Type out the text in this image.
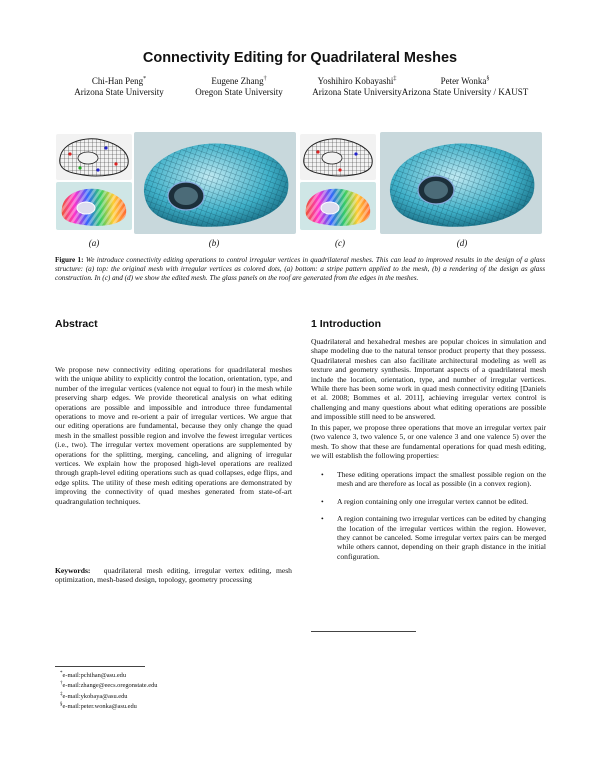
Connectivity Editing for Quadrilateral Meshes
Chi-Han Peng*
Arizona State University
Eugene Zhang†
Oregon State University
Yoshihiro Kobayashi‡
Arizona State University
Peter Wonka§
Arizona State University / KAUST
(a)	(b)	(c)	(d)
Figure 1: We introduce connectivity editing operations to control irregular vertices in quadrilateral meshes. This can lead to improved results in the design of a glass structure: (a) top: the original mesh with irregular vertices as colored dots, (a) bottom: a stripe pattern applied to the mesh, (b) a rendering of the design as glass construction. In (c) and (d) we show the edited mesh. The glass panels on the roof are generated from the edges in the meshes.
Abstract
We propose new connectivity editing operations for quadrilateral meshes with the unique ability to explicitly control the location, orientation, type, and number of the irregular vertices (valence not equal to four) in the mesh while preserving sharp edges. We provide theoretical analysis on what editing operations are possible and impossible and introduce three fundamental operations to move and re-orient a pair of irregular vertices. We argue that our editing operations are fundamental, because they only change the quad mesh in the smallest possible region and involve the fewest irregular vertices (i.e., two). The irregular vertex movement operations are supplemented by operations for the splitting, merging, canceling, and aligning of irregular vertices. We explain how the proposed high-level operations are realized through graph-level editing operations such as quad collapses, edge flips, and edge splits. The utility of these mesh editing operations are demonstrated by improving the connectivity of quad meshes generated from state-of-art quadrangulation techniques.
Keywords: quadrilateral mesh editing, irregular vertex editing, mesh optimization, mesh-based design, topology, geometry processing
1 Introduction
Quadrilateral and hexahedral meshes are popular choices in simulation and shape modeling due to the natural tensor product property that they possess. Quadrilateral meshes can also facilitate architectural modeling as well as texture and geometry synthesis. Important aspects of a quadrilateral mesh include the location, orientation, type, and number of irregular vertices. While there has been some work in quad mesh connectivity editing [Daniels et al. 2008; Bommes et al. 2011], achieving irregular vertex control is challenging and many questions about what editing operations are possible and impossible still need to be answered.
In this paper, we propose three operations that move an irregular vertex pair (two valence 3, two valence 5, or one valence 3 and one valence 5) over the mesh. To show that these are fundamental operations for quad mesh editing, we will establish the following properties:
• These editing operations impact the smallest possible region on the mesh and are therefore as local as possible (in a convex region).
• A region containing only one irregular vertex cannot be edited.
• A region containing two irregular vertices can be edited by changing the location of the irregular vertices within the region. However, they cannot be canceled. Some irregular vertex pairs can be merged while others cannot, depending on their graph distance in the initial configuration.
*e-mail:pchihan@asu.edu
†e-mail:zhange@eecs.oregonstate.edu
‡e-mail:ykobaya@asu.edu
§e-mail:peter.wonka@asu.edu
